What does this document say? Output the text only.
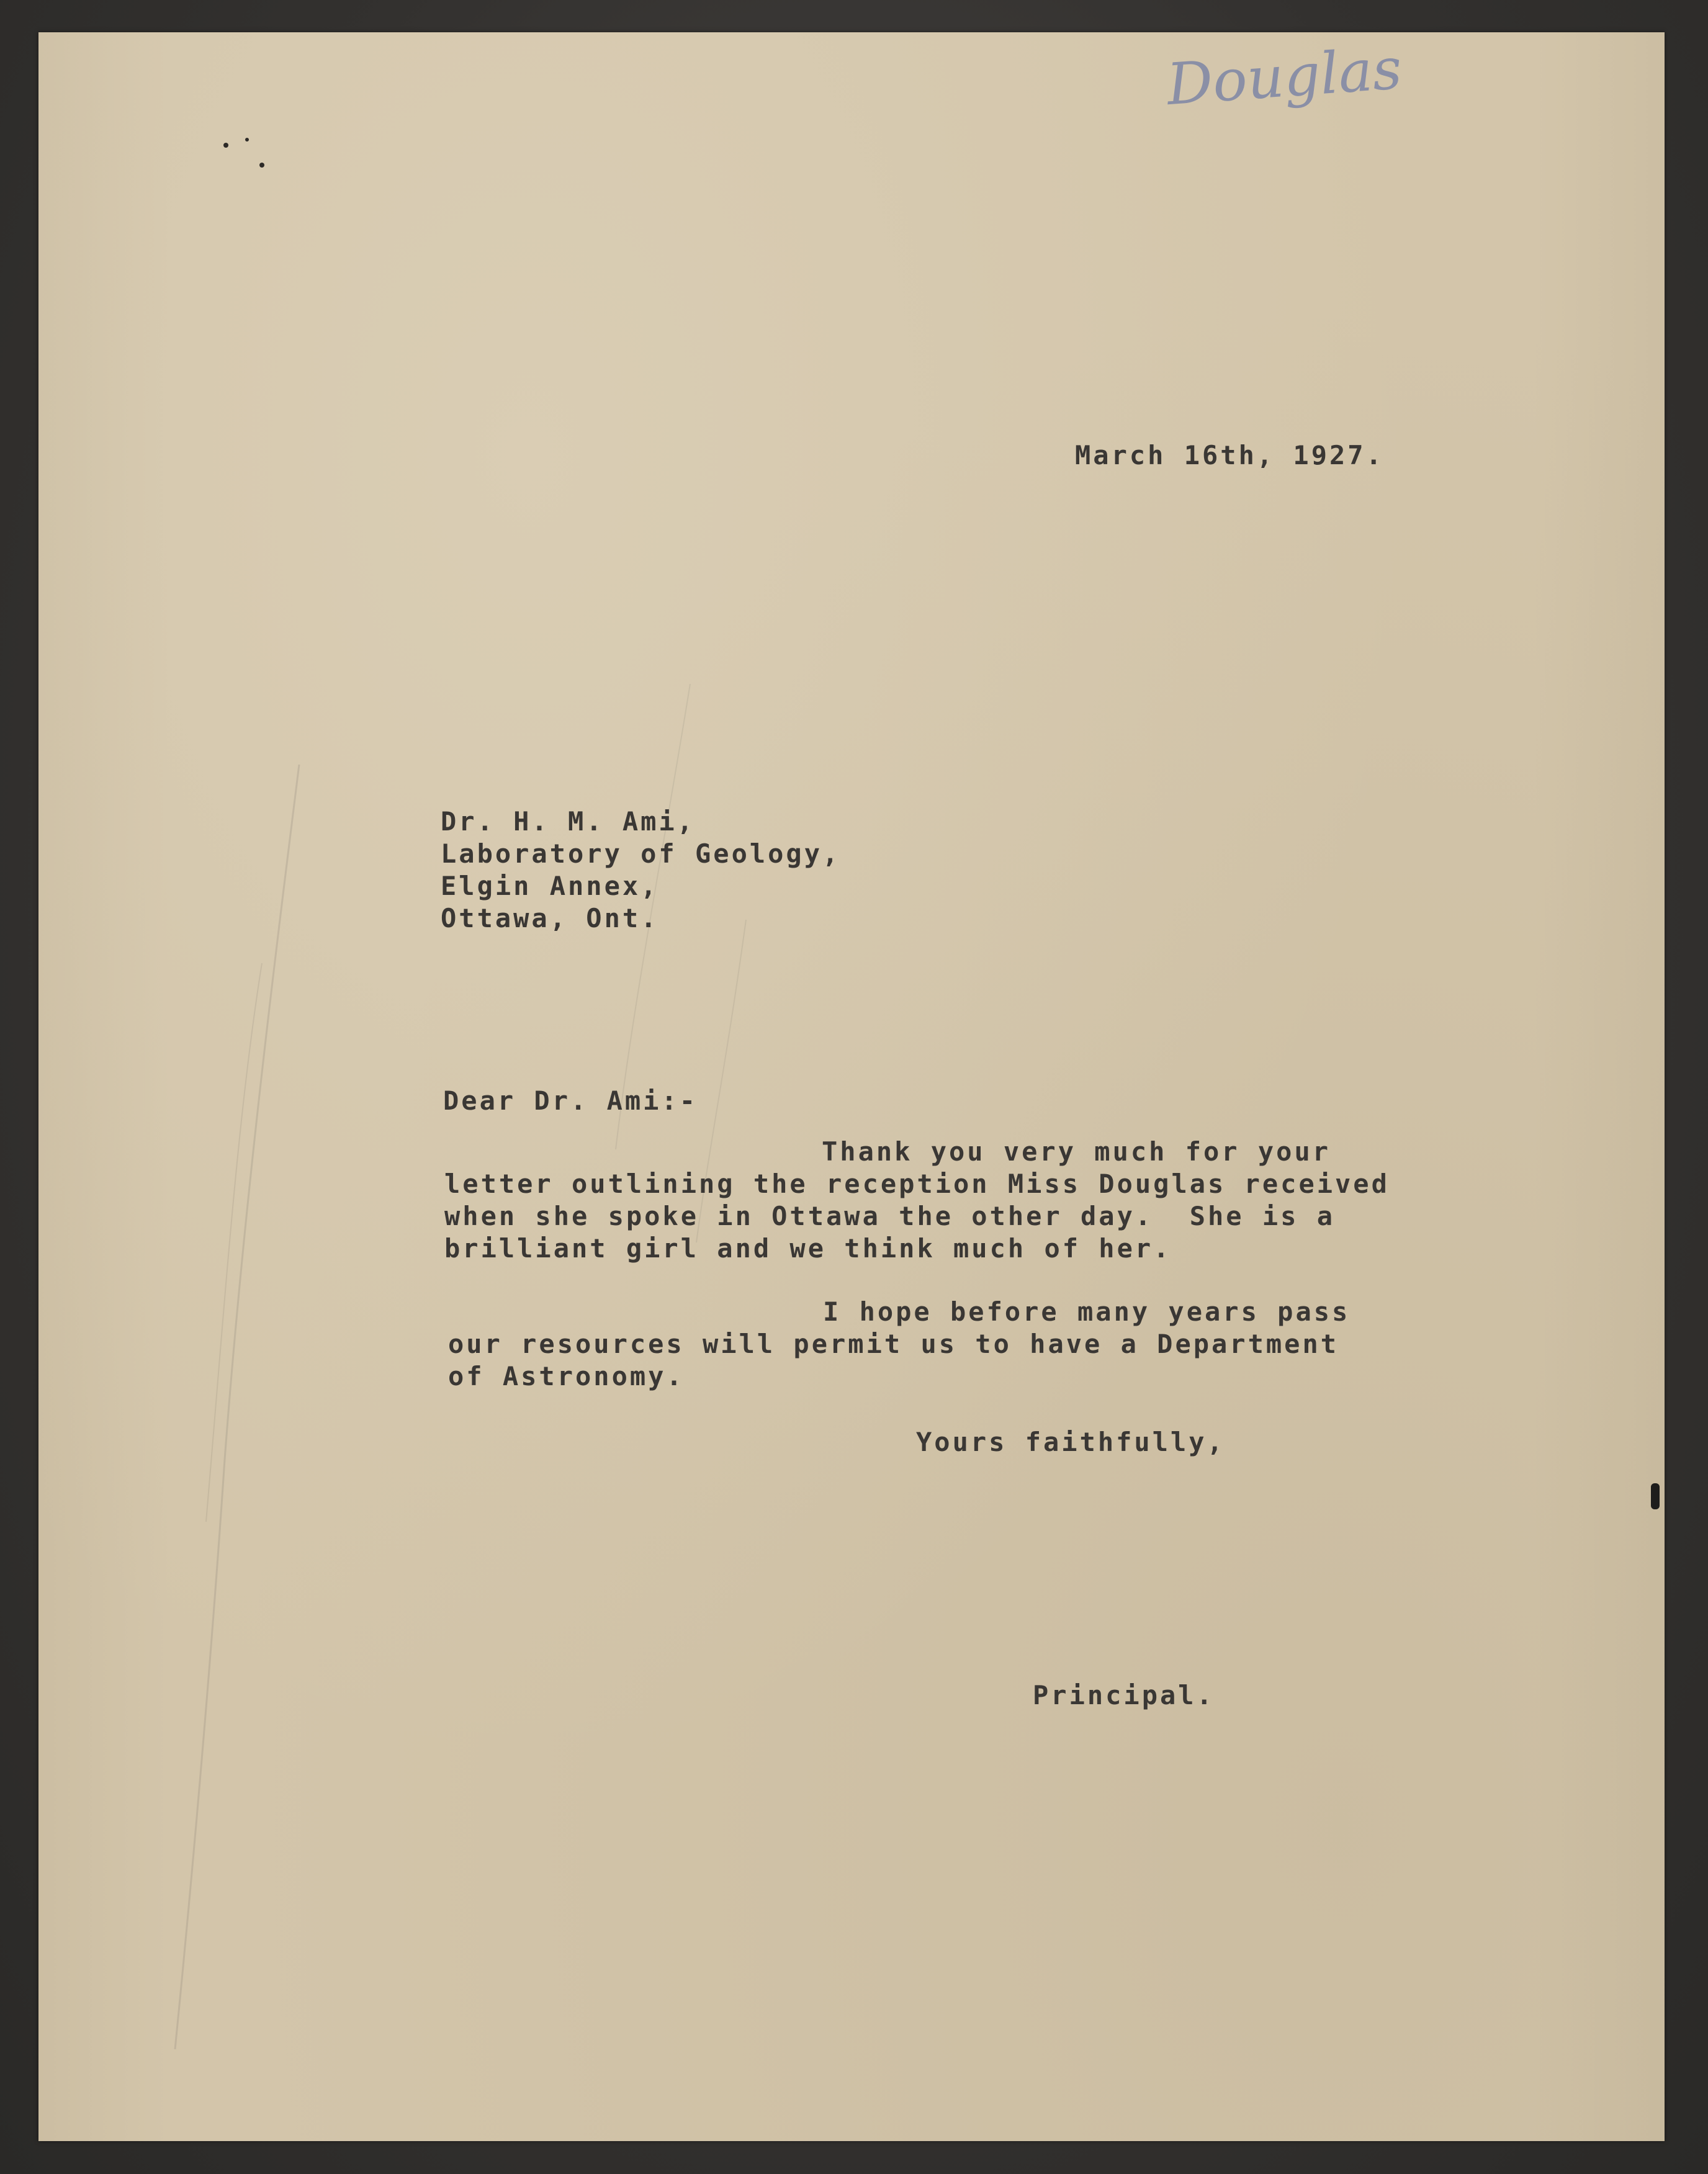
Douglas
March 16th, 1927.
Dr. H. M. Ami,
Laboratory of Geology,
Elgin Annex,
Ottawa, Ont.
Dear Dr. Ami:-
Thank you very much for your
letter outlining the reception Miss Douglas received
when she spoke in Ottawa the other day.  She is a
brilliant girl and we think much of her.
I hope before many years pass
our resources will permit us to have a Department
of Astronomy.
Yours faithfully,
Principal.
